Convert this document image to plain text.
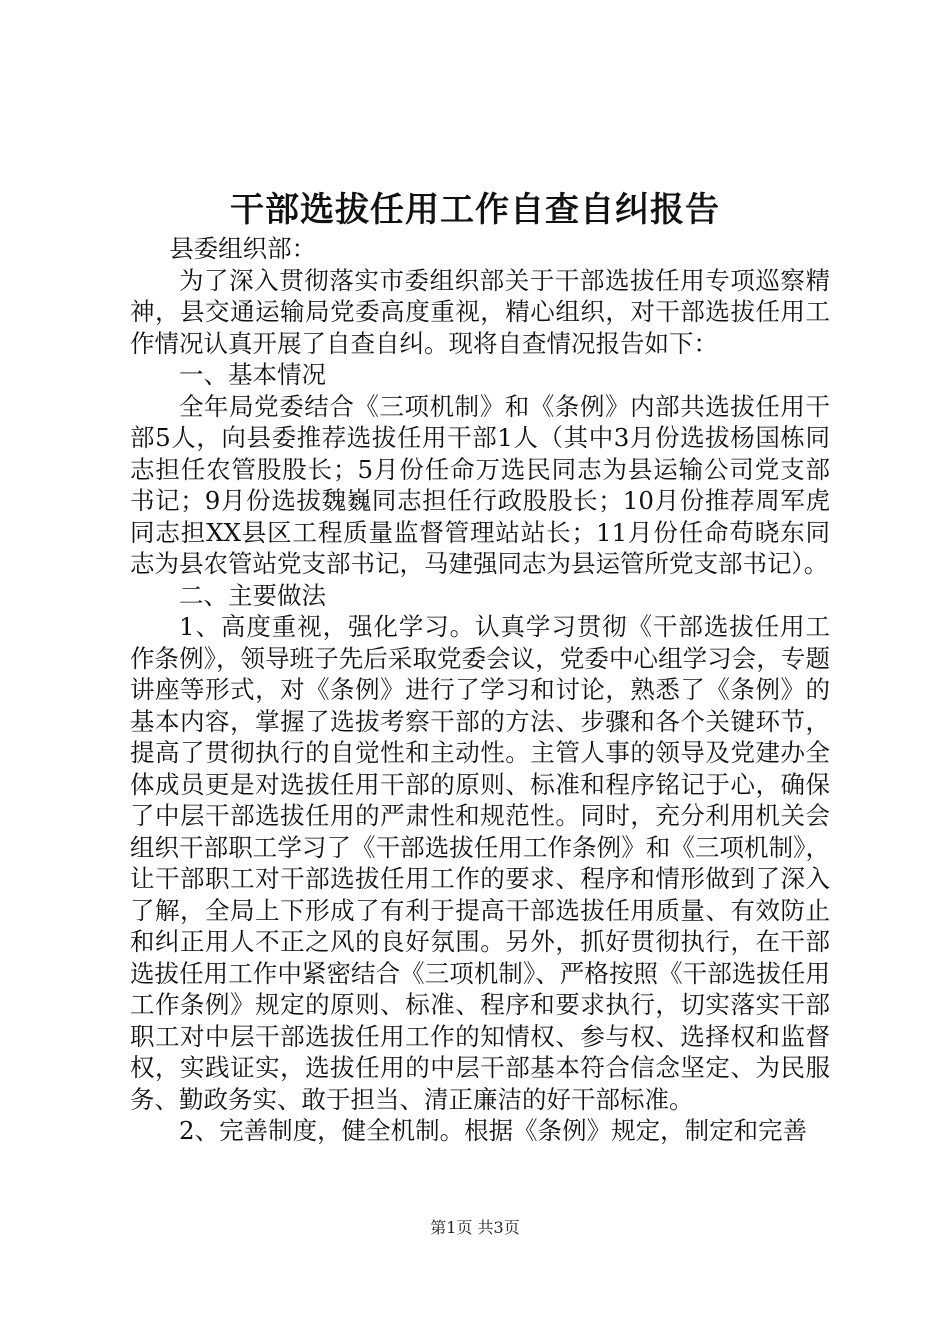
干部选拔任用工作自查自纠报告

县委组织部：

为了深入贯彻落实市委组织部关于干部选拔任用专项巡察精神，县交通运输局党委高度重视，精心组织，对干部选拔任用工作情况认真开展了自查自纠。现将自查情况报告如下：

一、基本情况

全年局党委结合《三项机制》和《条例》内部共选拔任用干部5人，向县委推荐选拔任用干部1人（其中3月份选拔杨国栋同志担任农管股股长；5月份任命万选民同志为县运输公司党支部书记；9月份选拔魏巍同志担任行政股股长；10月份推荐周军虎同志担XX县区工程质量监督管理站站长；11月份任命苟晓东同志为县农管站党支部书记，马建强同志为县运管所党支部书记）。

二、主要做法

1、高度重视，强化学习。认真学习贯彻《干部选拔任用工作条例》，领导班子先后采取党委会议，党委中心组学习会，专题讲座等形式，对《条例》进行了学习和讨论，熟悉了《条例》的基本内容，掌握了选拔考察干部的方法、步骤和各个关键环节，提高了贯彻执行的自觉性和主动性。主管人事的领导及党建办全体成员更是对选拔任用干部的原则、标准和程序铭记于心，确保了中层干部选拔任用的严肃性和规范性。同时，充分利用机关会组织干部职工学习了《干部选拔任用工作条例》和《三项机制》，让干部职工对干部选拔任用工作的要求、程序和情形做到了深入了解，全局上下形成了有利于提高干部选拔任用质量、有效防止和纠正用人不正之风的良好氛围。另外，抓好贯彻执行，在干部选拔任用工作中紧密结合《三项机制》、严格按照《干部选拔任用工作条例》规定的原则、标准、程序和要求执行，切实落实干部职工对中层干部选拔任用工作的知情权、参与权、选择权和监督权，实践证实，选拔任用的中层干部基本符合信念坚定、为民服务、勤政务实、敢于担当、清正廉洁的好干部标准。

2、完善制度，健全机制。根据《条例》规定，制定和完善

第1页 共3页
